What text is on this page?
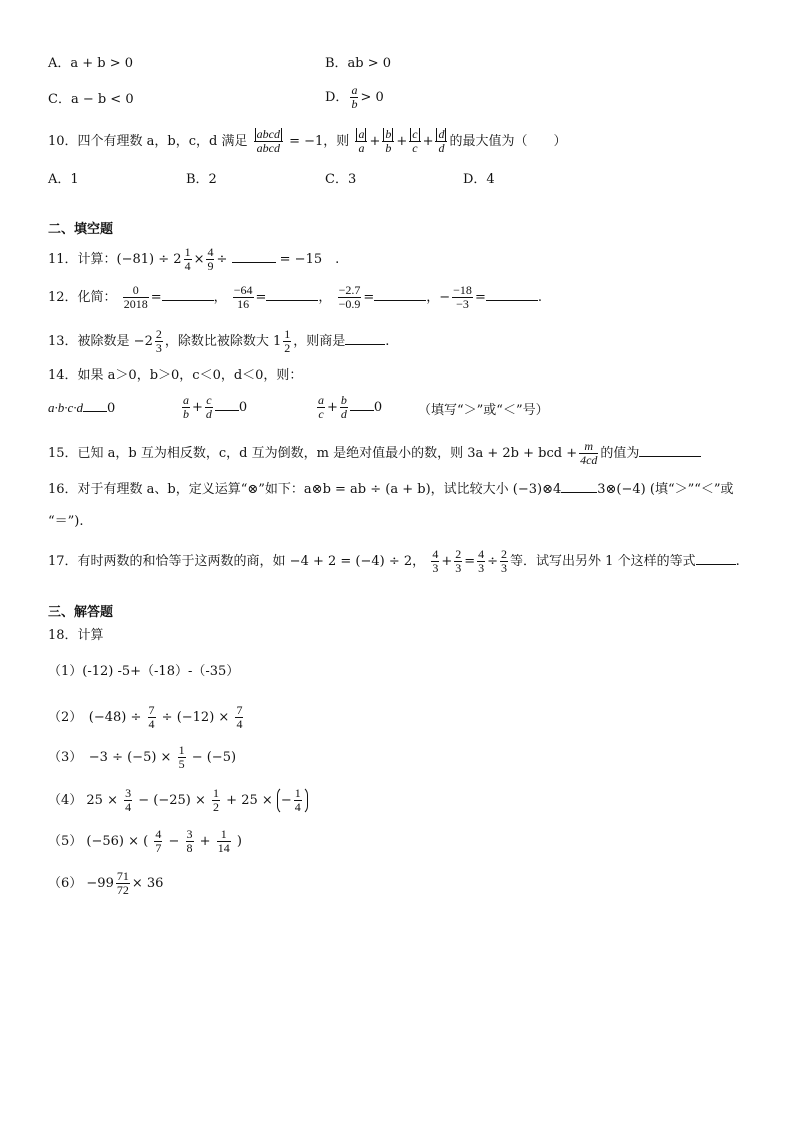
A．a + b > 0	B．ab > 0
C．a − b < 0	D． $\frac{a}{b} > 0$
10．四个有理数 a，b，c，d 满足 $\frac{\text{abcd}}{\text{abcd}} = -1$，则 $\frac{a}{a} + \frac{b}{b} + \frac{c}{c} + \frac{d}{d}$ 的最大值为（　　）
A．1	B．2	C．3	D．4
二、填空题
11．计算：$(-81) \div 2 \frac{1}{4} \times \frac{4}{9}$ ÷	= −15　.
12．化简： $\frac{0}{2018}$ =	， $\frac{-64}{16}$ =	， $\frac{-2.7}{-0.9}$ =	，− $\frac{-18}{-3}$ =	.
13．被除数是 $-2 \frac{2}{3}$ ，除数比被除数大 $1 \frac{1}{2}$ ，则商是	.
14．如果 a＞0，b＞0，c＜0，d＜0，则：
a·b·c·d 0	$\frac{a}{b} + \frac{c}{d} 0$	$\frac{a}{c} + \frac{b}{d} 0$	（填写“＞”或“＜”号）
15．已知 a，b 互为相反数，c，d 互为倒数，m 是绝对值最小的数，则 3a + 2b + bcd + $\frac{m}{4cd}$ 的值为
16．对于有理数 a、b，定义运算“⊗”如下：a⊗b = ab ÷ (a + b)，试比较大小 (−3)⊗4	3⊗(−4) (填“＞”“＜”或
“＝”).
17．有时两数的和恰等于这两数的商，如 −4 + 2 = (−4) ÷ 2， $\frac{4}{3} + \frac{2}{3} = \frac{4}{3} \div \frac{2}{3}$ 等．试写出另外 1 个这样的等式	.
三、解答题
18．计算
（1）(-12) -5+（-18）-（-35）
（2）　$(-48) \div \frac{7}{4} \div (-12) \times \frac{7}{4}$
（3）　$-3 \div (-5) \times \frac{1}{5} - (-5)$
（4） $25 \times \frac{3}{4} - (-25) \times \frac{1}{2} + 25$ × − $\frac{1}{4}$
（5） (−56) × ( $\frac{4}{7} - \frac{3}{8} + \frac{1}{14}$ )
$(6) -99 \frac{71}{72} \times 36$
